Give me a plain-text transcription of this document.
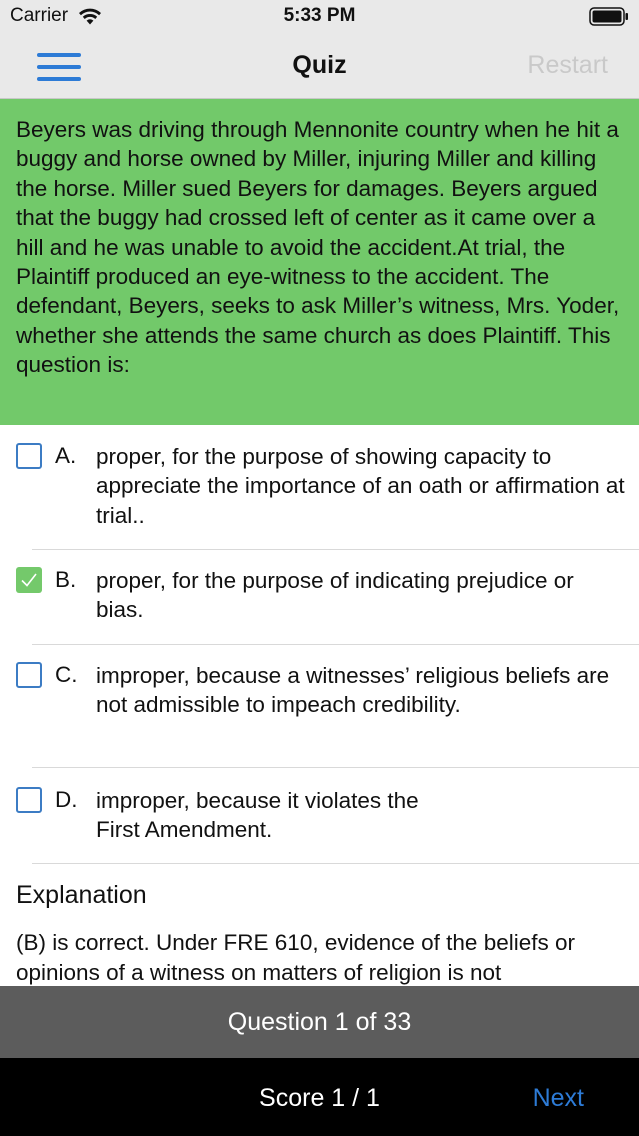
Carrier	5:33 PM
Quiz	Restart

Beyers was driving through Mennonite country when he hit a buggy and horse owned by Miller, injuring Miller and killing the horse. Miller sued Beyers for damages. Beyers argued that the buggy had crossed left of center as it came over a hill and he was unable to avoid the accident.At trial, the Plaintiff produced an eye-witness to the accident. The defendant, Beyers, seeks to ask Miller’s witness, Mrs. Yoder, whether she attends the same church as does Plaintiff. This question is:

A. proper, for the purpose of showing capacity to appreciate the importance of an oath or affirmation at trial..
B. proper, for the purpose of indicating prejudice or bias.
C. improper, because a witnesses’ religious beliefs are not admissible to impeach credibility.
D. improper, because it violates the
First Amendment.
Explanation
(B) is correct. Under FRE 610, evidence of the beliefs or opinions of a witness on matters of religion is not
Question 1 of 33
Score 1 / 1	Next
